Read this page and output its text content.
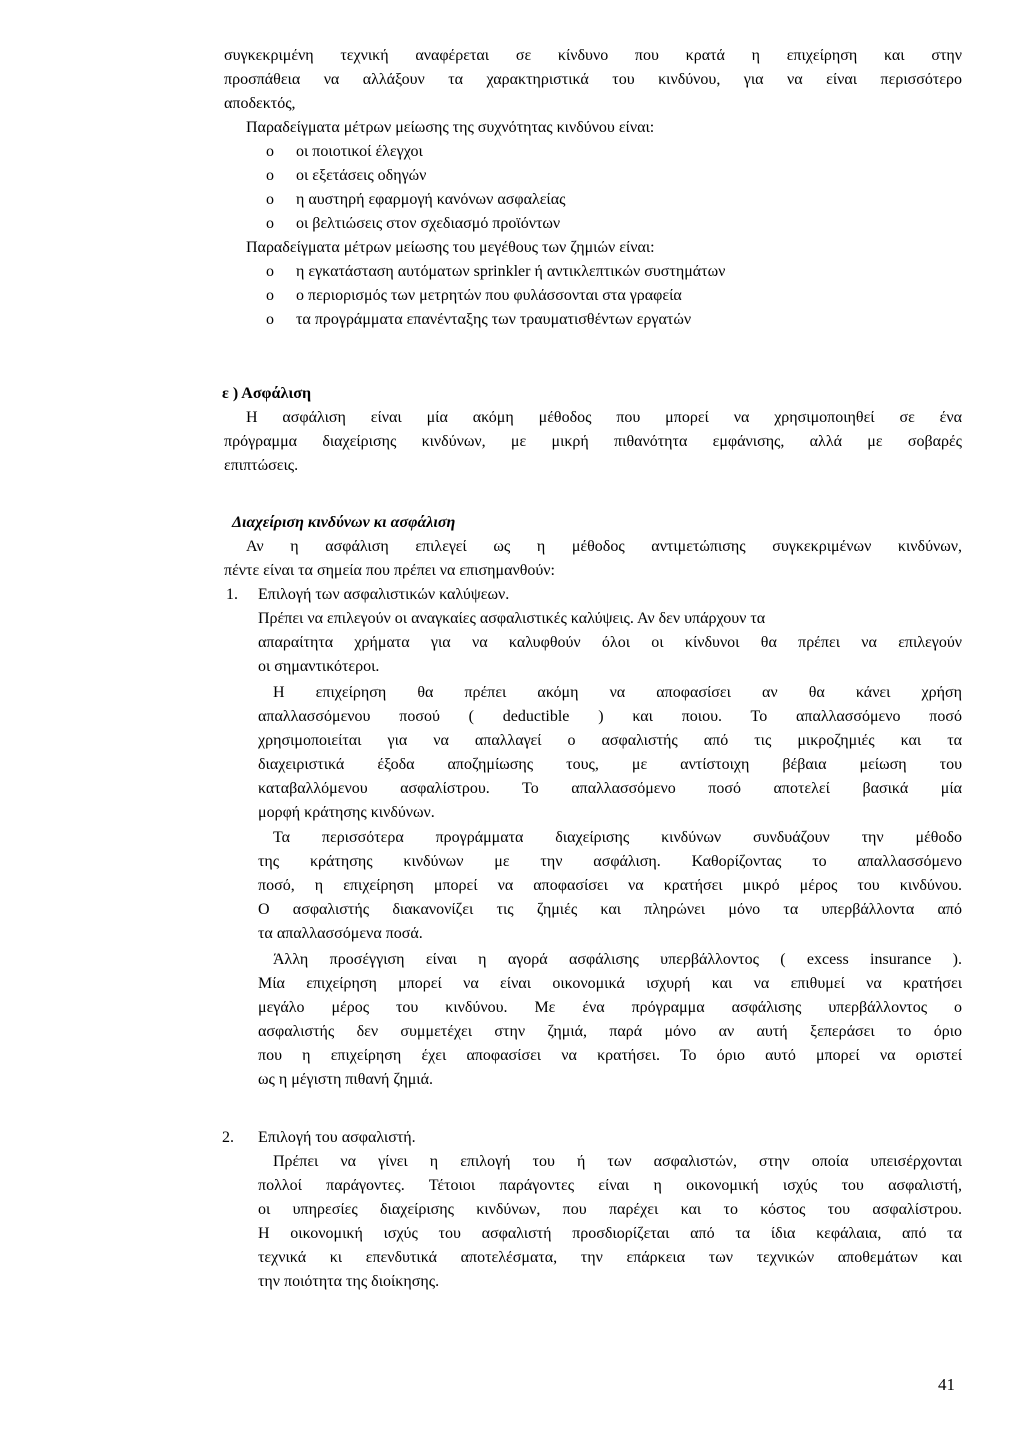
συγκεκριμένη τεχνική αναφέρεται σε κίνδυνο που κρατά η επιχείρηση και στην
προσπάθεια να αλλάξουν τα χαρακτηριστικά του κινδύνου, για να είναι περισσότερο
αποδεκτός,
Παραδείγματα μέτρων μείωσης της συχνότητας κινδύνου είναι:
o οι ποιοτικοί έλεγχοι
o οι εξετάσεις οδηγών
o η αυστηρή εφαρμογή κανόνων ασφαλείας
o οι βελτιώσεις στον σχεδιασμό προϊόντων
Παραδείγματα μέτρων μείωσης του μεγέθους των ζημιών είναι:
o η εγκατάσταση αυτόματων sprinkler ή αντικλεπτικών συστημάτων
o ο περιορισμός των μετρητών που φυλάσσονται στα γραφεία
o τα προγράμματα επανένταξης των τραυματισθέντων εργατών
ε ) Ασφάλιση
Η ασφάλιση είναι μία ακόμη μέθοδος που μπορεί να χρησιμοποιηθεί σε ένα
πρόγραμμα διαχείρισης κινδύνων, με μικρή πιθανότητα εμφάνισης, αλλά με σοβαρές
επιπτώσεις.
Διαχείριση κινδύνων κι ασφάλιση
Αν η ασφάλιση επιλεγεί ως η μέθοδος αντιμετώπισης συγκεκριμένων κινδύνων,
πέντε είναι τα σημεία που πρέπει να επισημανθούν:
1. Επιλογή των ασφαλιστικών καλύψεων.
Πρέπει να επιλεγούν οι αναγκαίες ασφαλιστικές καλύψεις. Αν δεν υπάρχουν τα
απαραίτητα χρήματα για να καλυφθούν όλοι οι κίνδυνοι θα πρέπει να επιλεγούν
οι σημαντικότεροι.
Η επιχείρηση θα πρέπει ακόμη να αποφασίσει αν θα κάνει χρήση
απαλλασσόμενου ποσού ( deductible ) και ποιου. Το απαλλασσόμενο ποσό
χρησιμοποιείται για να απαλλαγεί ο ασφαλιστής από τις μικροζημιές και τα
διαχειριστικά έξοδα αποζημίωσης τους, με αντίστοιχη βέβαια μείωση του
καταβαλλόμενου ασφαλίστρου. Το απαλλασσόμενο ποσό αποτελεί βασικά μία
μορφή κράτησης κινδύνων.
Τα περισσότερα προγράμματα διαχείρισης κινδύνων συνδυάζουν την μέθοδο
της κράτησης κινδύνων με την ασφάλιση. Καθορίζοντας το απαλλασσόμενο
ποσό, η επιχείρηση μπορεί να αποφασίσει να κρατήσει μικρό μέρος του κινδύνου.
Ο ασφαλιστής διακανονίζει τις ζημιές και πληρώνει μόνο τα υπερβάλλοντα από
τα απαλλασσόμενα ποσά.
Άλλη προσέγγιση είναι η αγορά ασφάλισης υπερβάλλοντος ( excess insurance ).
Μία επιχείρηση μπορεί να είναι οικονομικά ισχυρή και να επιθυμεί να κρατήσει
μεγάλο μέρος του κινδύνου. Με ένα πρόγραμμα ασφάλισης υπερβάλλοντος ο
ασφαλιστής δεν συμμετέχει στην ζημιά, παρά μόνο αν αυτή ξεπεράσει το όριο
που η επιχείρηση έχει αποφασίσει να κρατήσει. Το όριο αυτό μπορεί να οριστεί
ως η μέγιστη πιθανή ζημιά.
2. Επιλογή του ασφαλιστή.
Πρέπει να γίνει η επιλογή του ή των ασφαλιστών, στην οποία υπεισέρχονται
πολλοί παράγοντες. Τέτοιοι παράγοντες είναι η οικονομική ισχύς του ασφαλιστή,
οι υπηρεσίες διαχείρισης κινδύνων, που παρέχει και το κόστος του ασφαλίστρου.
Η οικονομική ισχύς του ασφαλιστή προσδιορίζεται από τα ίδια κεφάλαια, από τα
τεχνικά κι επενδυτικά αποτελέσματα, την επάρκεια των τεχνικών αποθεμάτων και
την ποιότητα της διοίκησης.
41
